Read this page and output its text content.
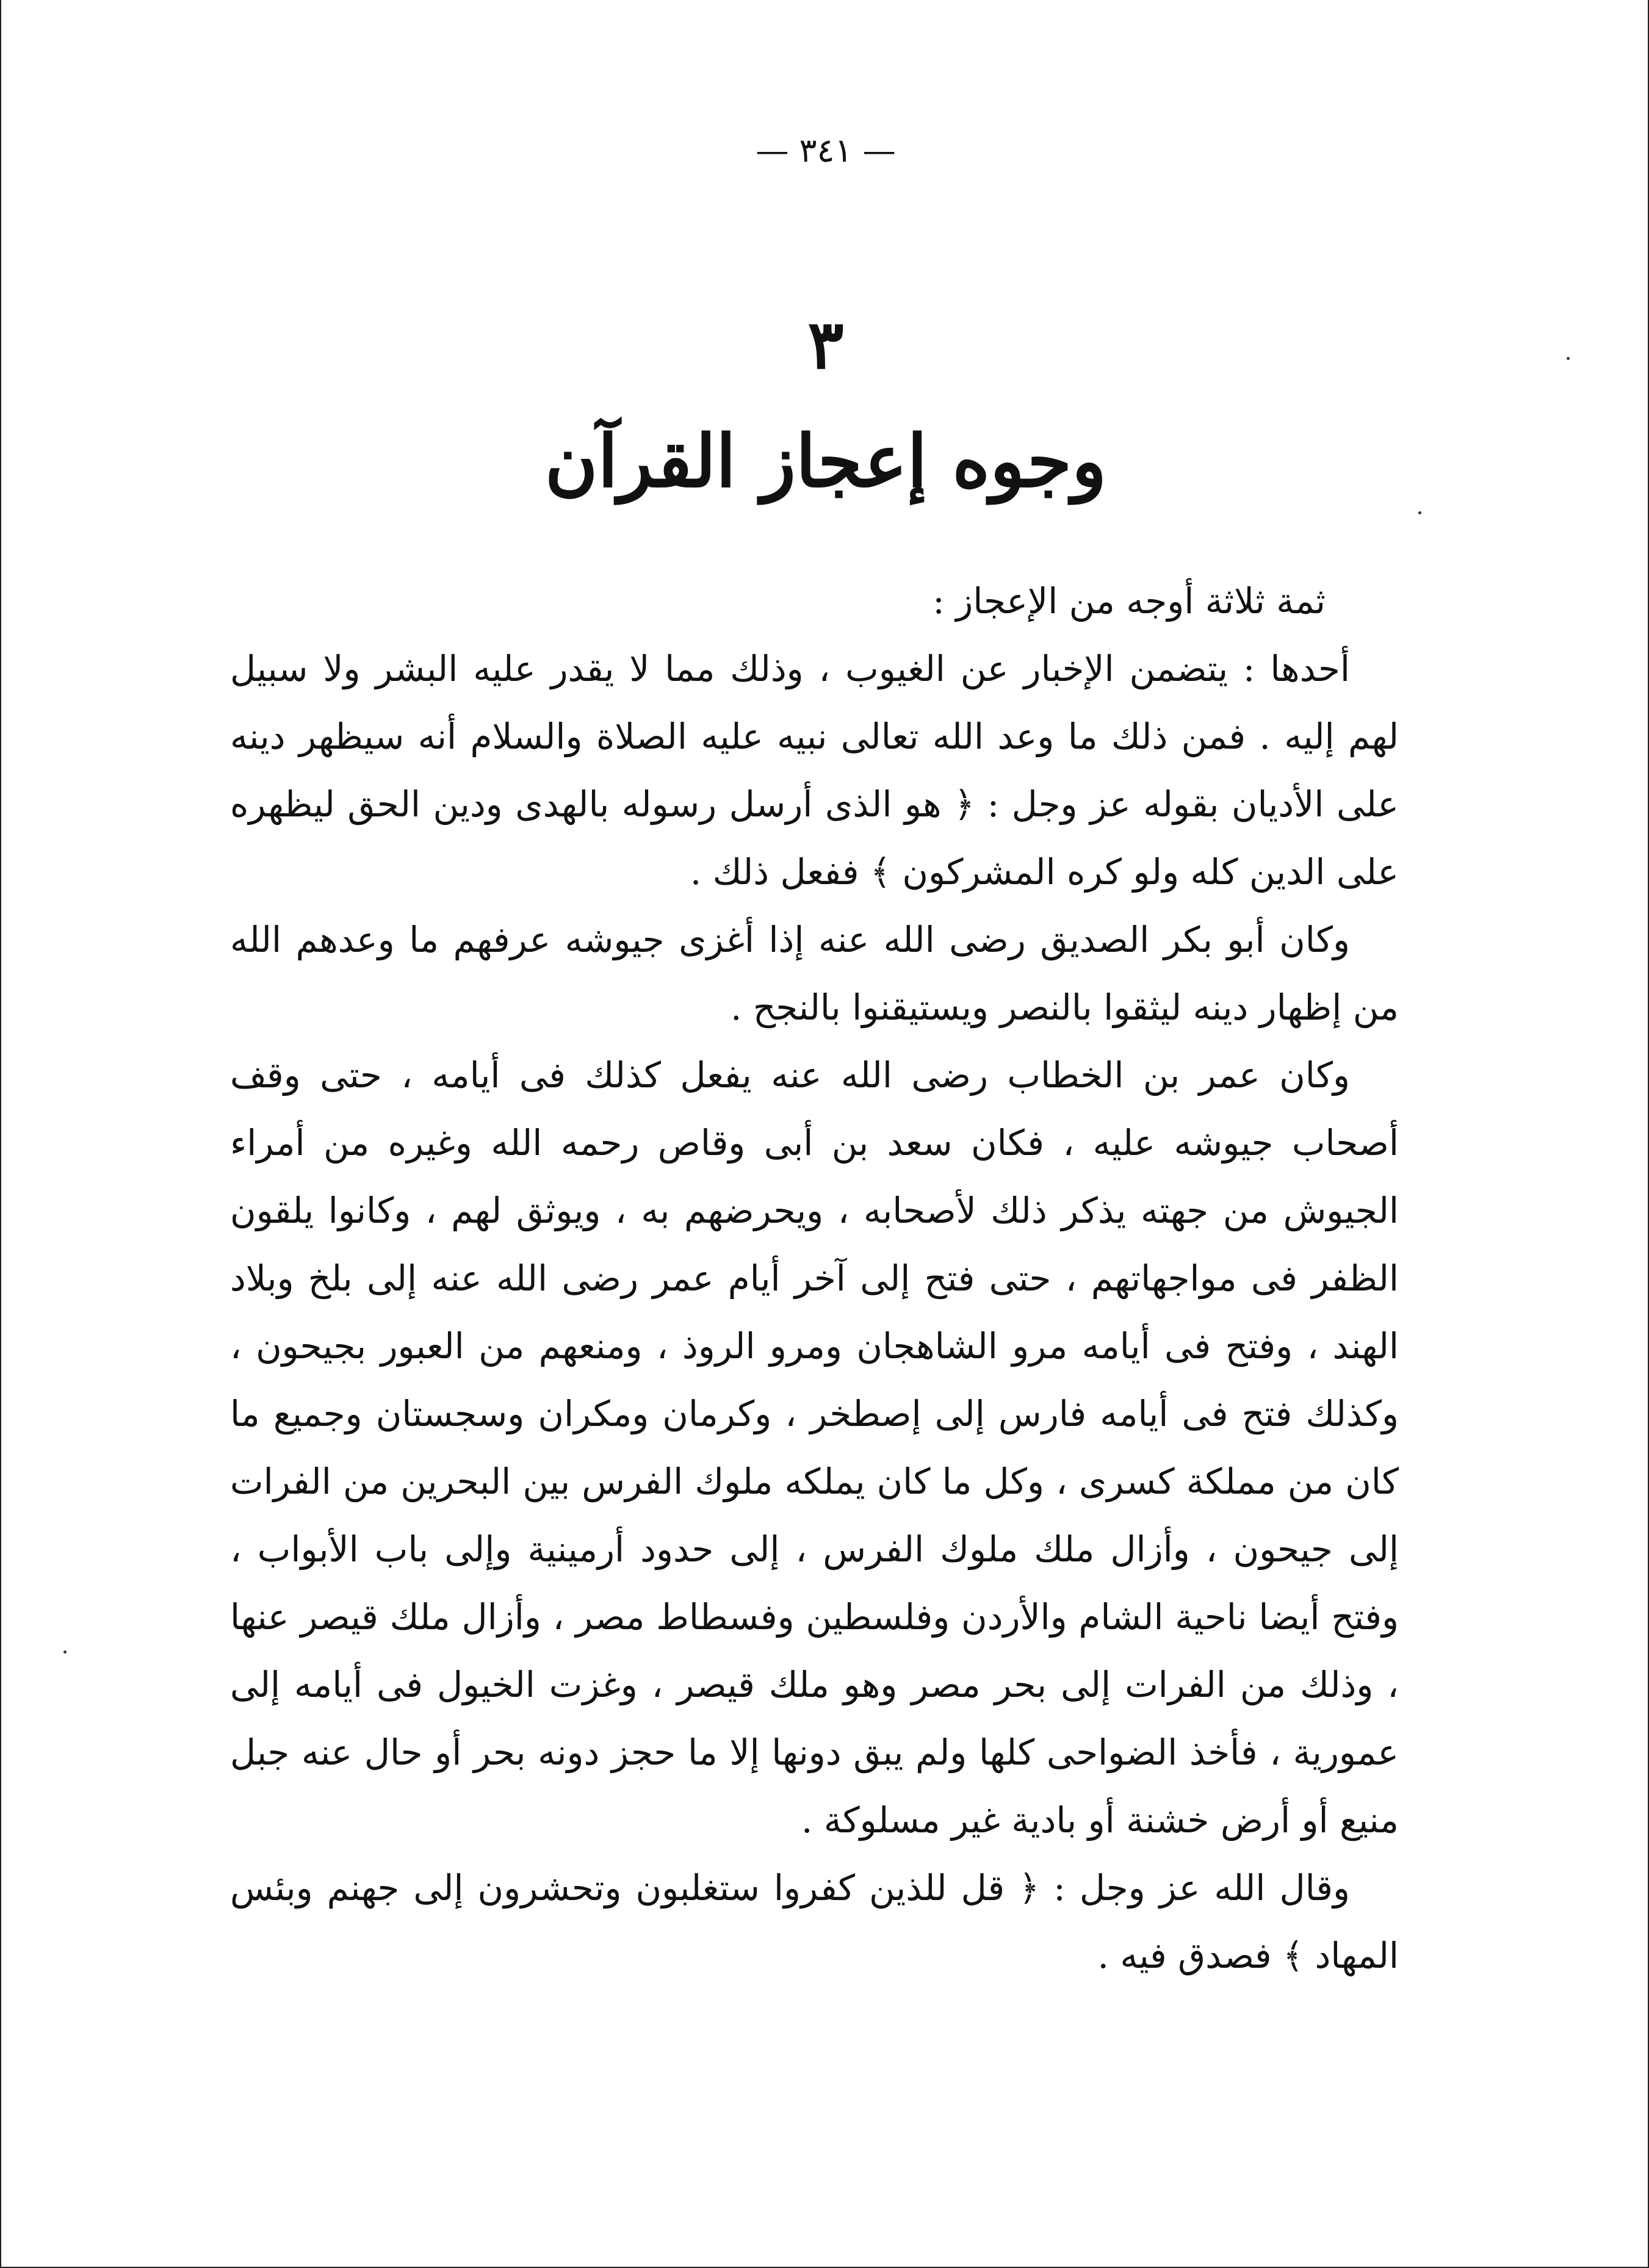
— ٣٤١ —
٣
وجوه إعجاز القرآن

ثمة ثلاثة أوجه من الإعجاز :

أحدها : يتضمن الإخبار عن الغيوب ، وذلك مما لا يقدر عليه البشر ولا سبيل لهم إليه . فمن ذلك ما وعد الله تعالى نبيه عليه الصلاة والسلام أنه سيظهر دينه على الأديان بقوله عز وجل : ﴿ هو الذى أرسل رسوله بالهدى ودين الحق ليظهره على الدين كله ولو كره المشركون ﴾ ففعل ذلك .

وكان أبو بكر الصديق رضى الله عنه إذا أغزى جيوشه عرفهم ما وعدهم الله من إظهار دينه ليثقوا بالنصر ويستيقنوا بالنجح .

وكان عمر بن الخطاب رضى الله عنه يفعل كذلك فى أيامه ، حتى وقف أصحاب جيوشه عليه ، فكان سعد بن أبى وقاص رحمه الله وغيره من أمراء الجيوش من جهته يذكر ذلك لأصحابه ، ويحرضهم به ، ويوثق لهم ، وكانوا يلقون الظفر فى مواجهاتهم ، حتى فتح إلى آخر أيام عمر رضى الله عنه إلى بلخ وبلاد الهند ، وفتح فى أيامه مرو الشاهجان ومرو الروذ ، ومنعهم من العبور بجيحون ، وكذلك فتح فى أيامه فارس إلى إصطخر ، وكرمان ومكران وسجستان وجميع ما كان من مملكة كسرى ، وكل ما كان يملكه ملوك الفرس بين البحرين من الفرات إلى جيحون ، وأزال ملك ملوك الفرس ، إلى حدود أرمينية وإلى باب الأبواب ، وفتح أيضا ناحية الشام والأردن وفلسطين وفسطاط مصر ، وأزال ملك قيصر عنها ، وذلك من الفرات إلى بحر مصر وهو ملك قيصر ، وغزت الخيول فى أيامه إلى عمورية ، فأخذ الضواحى كلها ولم يبق دونها إلا ما حجز دونه بحر أو حال عنه جبل منيع أو أرض خشنة أو بادية غير مسلوكة .

وقال الله عز وجل : ﴿ قل للذين كفروا ستغلبون وتحشرون إلى جهنم وبئس المهاد ﴾ فصدق فيه .
